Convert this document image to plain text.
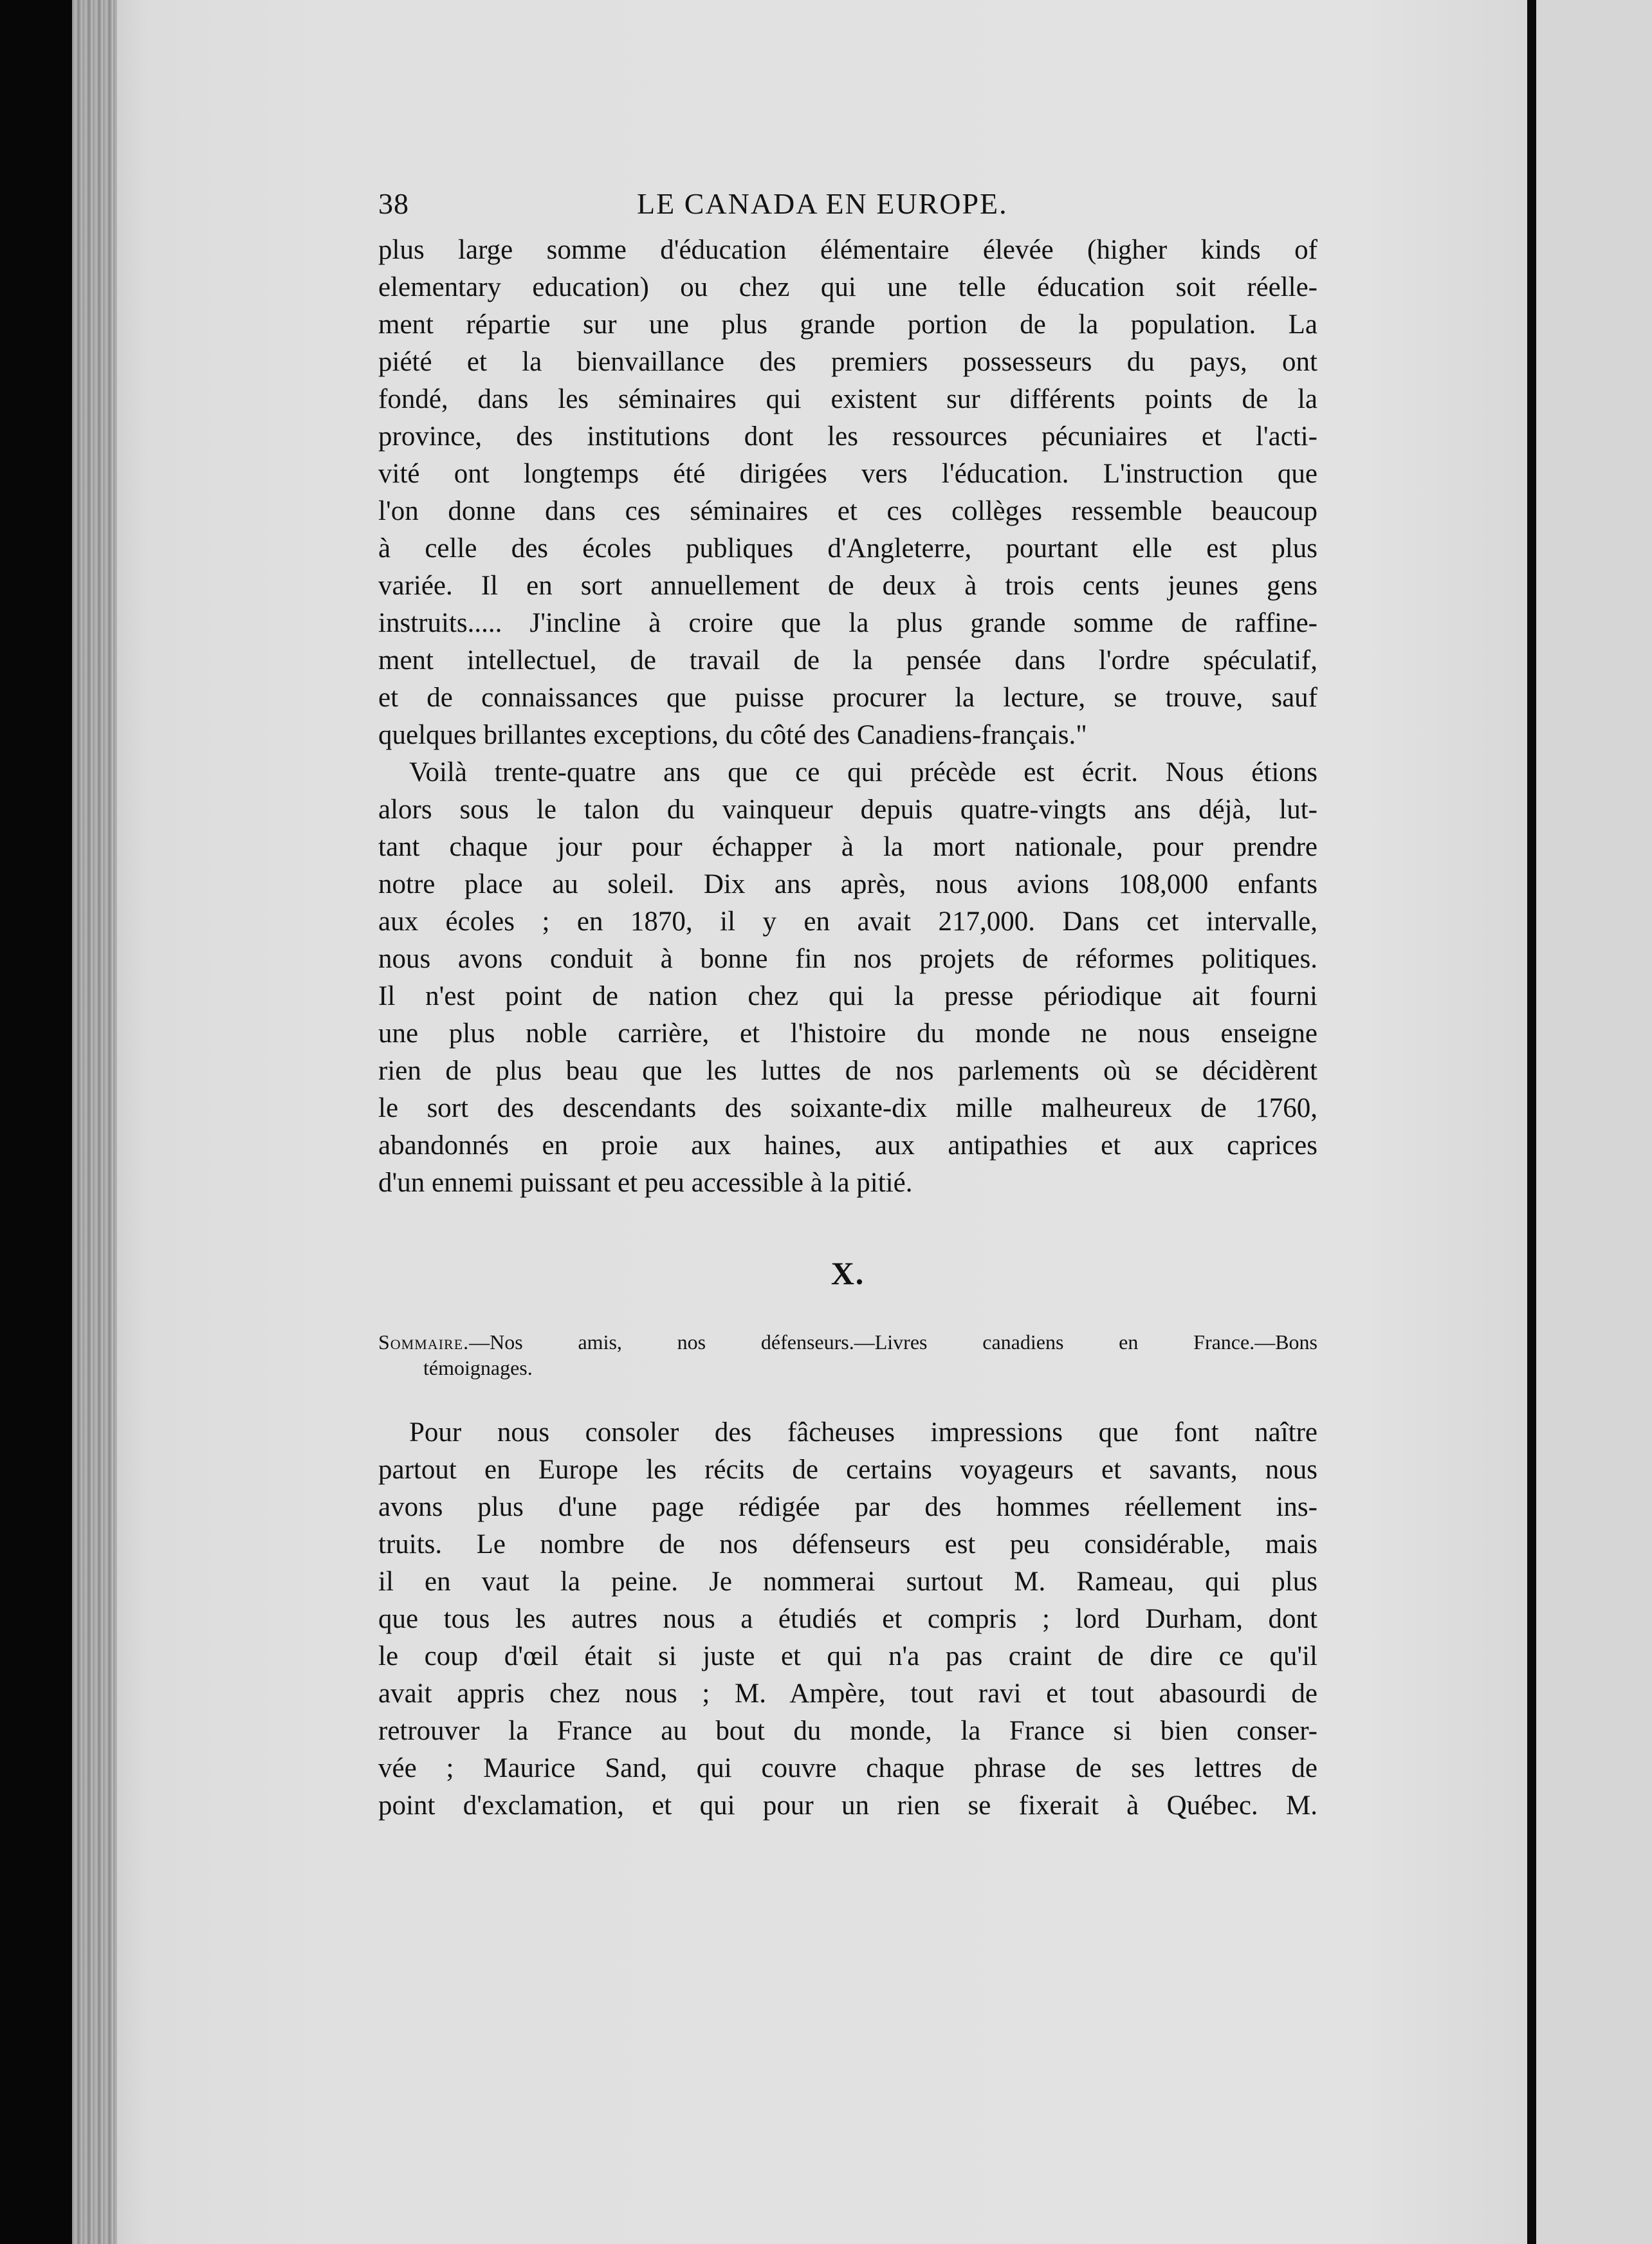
38	LE CANADA EN EUROPE.

plus large somme d'éducation élémentaire élevée (higher kinds of
elementary education) ou chez qui une telle éducation soit réelle-
ment répartie sur une plus grande portion de la population. La
piété et la bienvaillance des premiers possesseurs du pays, ont
fondé, dans les séminaires qui existent sur différents points de la
province, des institutions dont les ressources pécuniaires et l'acti-
vité ont longtemps été dirigées vers l'éducation. L'instruction que
l'on donne dans ces séminaires et ces collèges ressemble beaucoup
à celle des écoles publiques d'Angleterre, pourtant elle est plus
variée. Il en sort annuellement de deux à trois cents jeunes gens
instruits..... J'incline à croire que la plus grande somme de raffine-
ment intellectuel, de travail de la pensée dans l'ordre spéculatif,
et de connaissances que puisse procurer la lecture, se trouve, sauf
quelques brillantes exceptions, du côté des Canadiens-français."

Voilà trente-quatre ans que ce qui précède est écrit. Nous étions
alors sous le talon du vainqueur depuis quatre-vingts ans déjà, lut-
tant chaque jour pour échapper à la mort nationale, pour prendre
notre place au soleil. Dix ans après, nous avions 108,000 enfants
aux écoles ; en 1870, il y en avait 217,000. Dans cet intervalle,
nous avons conduit à bonne fin nos projets de réformes politiques.
Il n'est point de nation chez qui la presse périodique ait fourni
une plus noble carrière, et l'histoire du monde ne nous enseigne
rien de plus beau que les luttes de nos parlements où se décidèrent
le sort des descendants des soixante-dix mille malheureux de 1760,
abandonnés en proie aux haines, aux antipathies et aux caprices
d'un ennemi puissant et peu accessible à la pitié.

X.
Sommaire.—Nos amis, nos défenseurs.—Livres canadiens en France.—Bons
témoignages.

Pour nous consoler des fâcheuses impressions que font naître
partout en Europe les récits de certains voyageurs et savants, nous
avons plus d'une page rédigée par des hommes réellement ins-
truits. Le nombre de nos défenseurs est peu considérable, mais
il en vaut la peine. Je nommerai surtout M. Rameau, qui plus
que tous les autres nous a étudiés et compris ; lord Durham, dont
le coup d'œil était si juste et qui n'a pas craint de dire ce qu'il
avait appris chez nous ; M. Ampère, tout ravi et tout abasourdi de
retrouver la France au bout du monde, la France si bien conser-
vée ; Maurice Sand, qui couvre chaque phrase de ses lettres de
point d'exclamation, et qui pour un rien se fixerait à Québec. M.
